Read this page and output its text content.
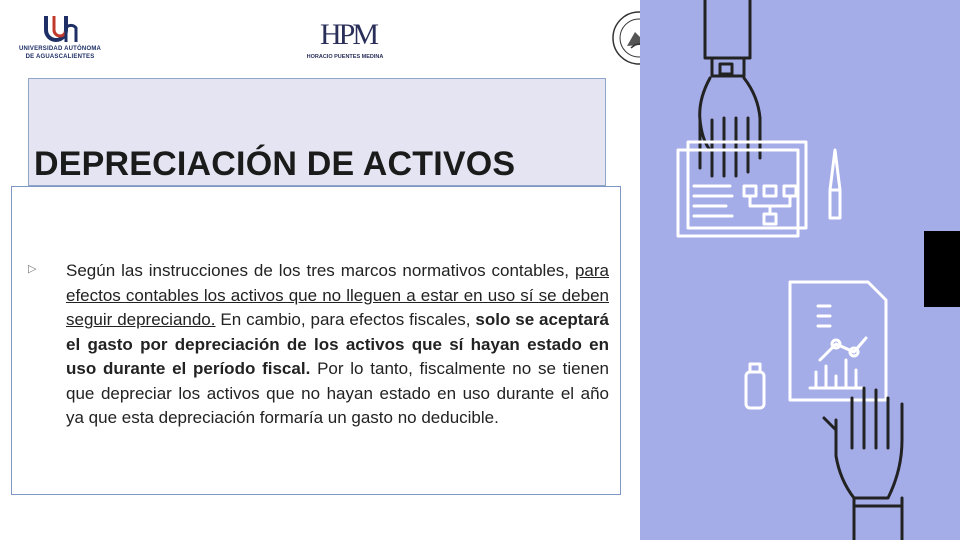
UNIVERSIDAD AUTÓNOMA
DE AGUASCALIENTES
HPM
HORACIO PUENTES MEDINA
DEPRECIACIÓN DE ACTIVOS
▷ Según las instrucciones de los tres marcos normativos contables, para efectos contables los activos que no lleguen a estar en uso sí se deben seguir depreciando. En cambio, para efectos fiscales, solo se aceptará el gasto por depreciación de los activos que sí hayan estado en uso durante el período fiscal. Por lo tanto, fiscalmente no se tienen que depreciar los activos que no hayan estado en uso durante el año ya que esta depreciación formaría un gasto no deducible.
